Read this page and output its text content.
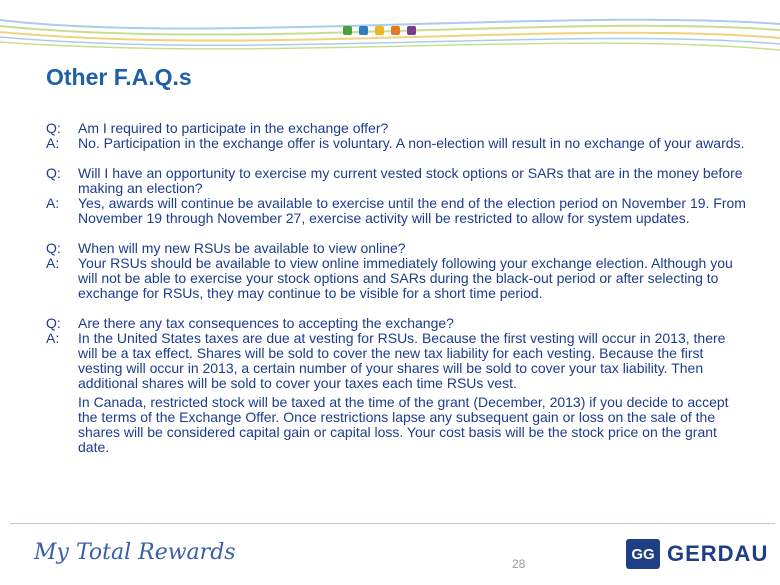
Other F.A.Q.s
Q:	Am I required to participate in the exchange offer?
A:	No. Participation in the exchange offer is voluntary. A non-election will result in no exchange of your awards.
Q:	Will I have an opportunity to exercise my current vested stock options or SARs that are in the money before making an election?
A:	Yes, awards will continue be available to exercise until the end of the election period on November 19. From November 19 through November 27, exercise activity will be restricted to allow for system updates.
Q:	When will my new RSUs be available to view online?
A:	Your RSUs should be available to view online immediately following your exchange election. Although you will not be able to exercise your stock options and SARs during the black-out period or after selecting to exchange for RSUs, they may continue to be visible for a short time period.
Q:	Are there any tax consequences to accepting the exchange?
A:	In the United States taxes are due at vesting for RSUs. Because the first vesting will occur in 2013, there will be a tax effect. Shares will be sold to cover the new tax liability for each vesting. Because the first vesting will occur in 2013, a certain number of your shares will be sold to cover your tax liability. Then additional shares will be sold to cover your taxes each time RSUs vest.
In Canada, restricted stock will be taxed at the time of the grant (December, 2013) if you decide to accept the terms of the Exchange Offer. Once restrictions lapse any subsequent gain or loss on the sale of the shares will be considered capital gain or capital loss. Your cost basis will be the stock price on the grant date.
My Total Rewards	28
GG GERDAU
